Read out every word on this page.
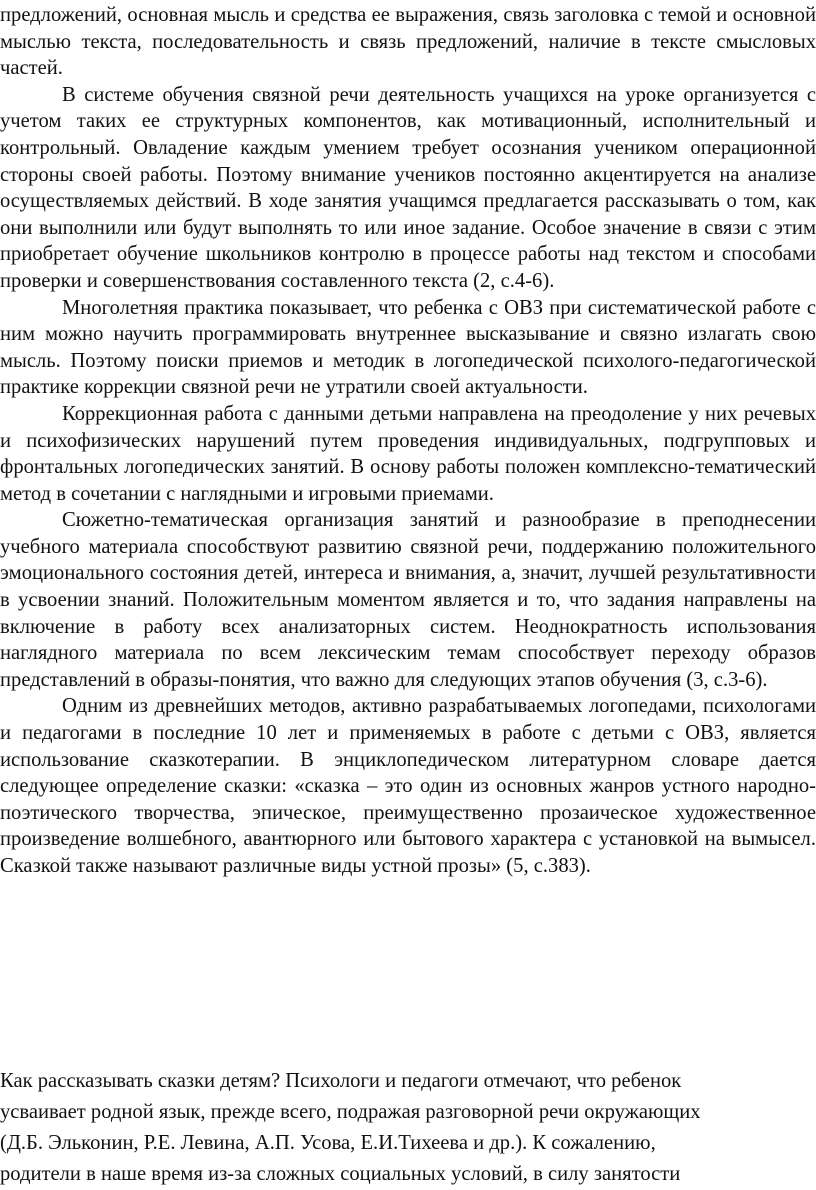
предложений, основная мысль и средства ее выражения, связь заголовка с темой и основной мыслью текста, последовательность и связь предложений, наличие в тексте смысловых частей.

В системе обучения связной речи деятельность учащихся на уроке организуется с учетом таких ее структурных компонентов, как мотивационный, исполнительный и контрольный. Овладение каждым умением требует осознания учеником операционной стороны своей работы. Поэтому внимание учеников постоянно акцентируется на анализе осуществляемых действий. В ходе занятия учащимся предлагается рассказывать о том, как они выполнили или будут выполнять то или иное задание. Особое значение в связи с этим приобретает обучение школьников контролю в процессе работы над текстом и способами проверки и совершенствования составленного текста (2, с.4-6).

Многолетняя практика показывает, что ребенка с ОВЗ при систематической работе с ним можно научить программировать внутреннее высказывание и связно излагать свою мысль. Поэтому поиски приемов и методик в логопедической психолого-педагогической практике коррекции связной речи не утратили своей актуальности.

Коррекционная работа с данными детьми направлена на преодоление у них речевых и психофизических нарушений путем проведения индивидуальных, подгрупповых и фронтальных логопедических занятий. В основу работы положен комплексно-тематический метод в сочетании с наглядными и игровыми приемами.

Сюжетно-тематическая организация занятий и разнообразие в преподнесении учебного материала способствуют развитию связной речи, поддержанию положительного эмоционального состояния детей, интереса и внимания, а, значит, лучшей результативности в усвоении знаний. Положительным моментом является и то, что задания направлены на включение в работу всех анализаторных систем. Неоднократность использования наглядного материала по всем лексическим темам способствует переходу образов представлений в образы-понятия, что важно для следующих этапов обучения (3, с.3-6).

Одним из древнейших методов, активно разрабатываемых логопедами, психологами и педагогами в последние 10 лет и применяемых в работе с детьми с ОВЗ, является использование сказкотерапии. В энциклопедическом литературном словаре дается следующее определение сказки: «сказка – это один из основных жанров устного народно-поэтического творчества, эпическое, преимущественно прозаическое художественное произведение волшебного, авантюрного или бытового характера с установкой на вымысел. Сказкой также называют различные виды устной прозы» (5, с.383).

Как рассказывать сказки детям? Психологи и педагоги отмечают, что ребенок
усваивает родной язык, прежде всего, подражая разговорной речи окружающих
(Д.Б. Эльконин, Р.Е. Левина, А.П. Усова, Е.И.Тихеева и др.). К сожалению,
родители в наше время из-за сложных социальных условий, в силу занятости
